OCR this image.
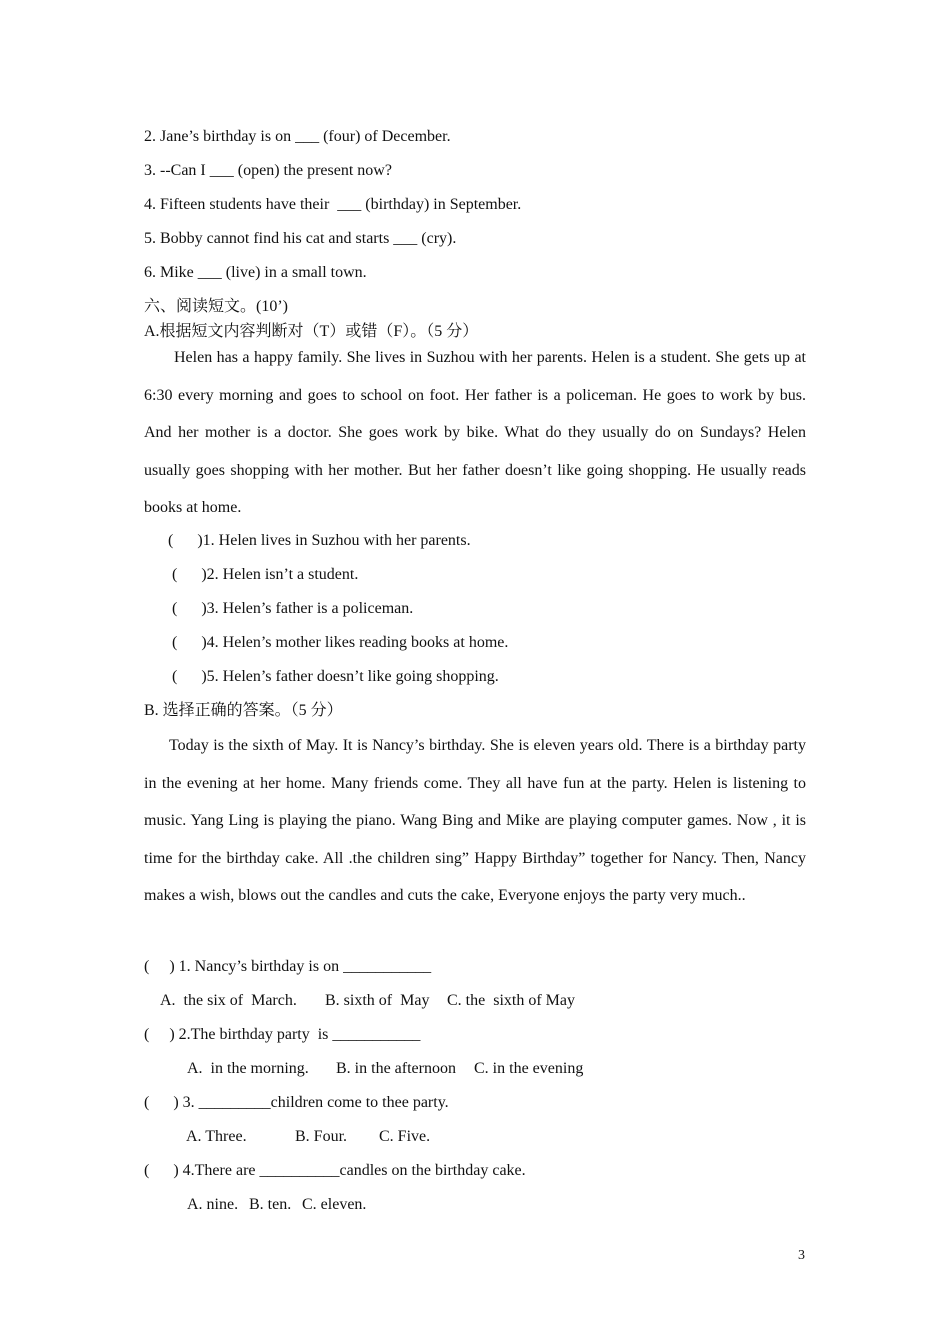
2. Jane’s birthday is on ___ (four) of December.
3. --Can I ___ (open) the present now?
4. Fifteen students have their  ___ (birthday) in September.
5. Bobby cannot find his cat and starts ___ (cry).
6. Mike ___ (live) in a small town.
六、阅读短文。(10’)
A.根据短文内容判断对（T）或错（F）。（5 分）
Helen has a happy family. She lives in Suzhou with her parents. Helen is a student. She gets up at 6:30 every morning and goes to school on foot. Her father is a policeman. He goes to work by bus. And her mother is a doctor. She goes work by bike. What do they usually do on Sundays? Helen usually goes shopping with her mother. But her father doesn’t like going shopping. He usually reads books at home.
(      )1. Helen lives in Suzhou with her parents.
(      )2. Helen isn’t a student.
(      )3. Helen’s father is a policeman.
(      )4. Helen’s mother likes reading books at home.
(      )5. Helen’s father doesn’t like going shopping.
B. 选择正确的答案。（5 分）
Today is the sixth of May. It is Nancy’s birthday. She is eleven years old. There is a birthday party in the evening at her home. Many friends come. They all have fun at the party. Helen is listening to music. Yang Ling is playing the piano. Wang Bing and Mike are playing computer games. Now , it is time for the birthday cake. All .the children sing” Happy Birthday” together for Nancy. Then, Nancy makes a wish, blows out the candles and cuts the cake, Everyone enjoys the party very much..
(     ) 1. Nancy’s birthday is on ___________
A.  the six of  March. B. sixth of  May C. the  sixth of May
(     ) 2.The birthday party  is ___________
A.  in the morning. B. in the afternoon C. in the evening
(      ) 3. _________children come to thee party.
A. Three.	B. Four. C. Five.
(      ) 4.There are __________candles on the birthday cake.
A. nine. B. ten. C. eleven.
3
